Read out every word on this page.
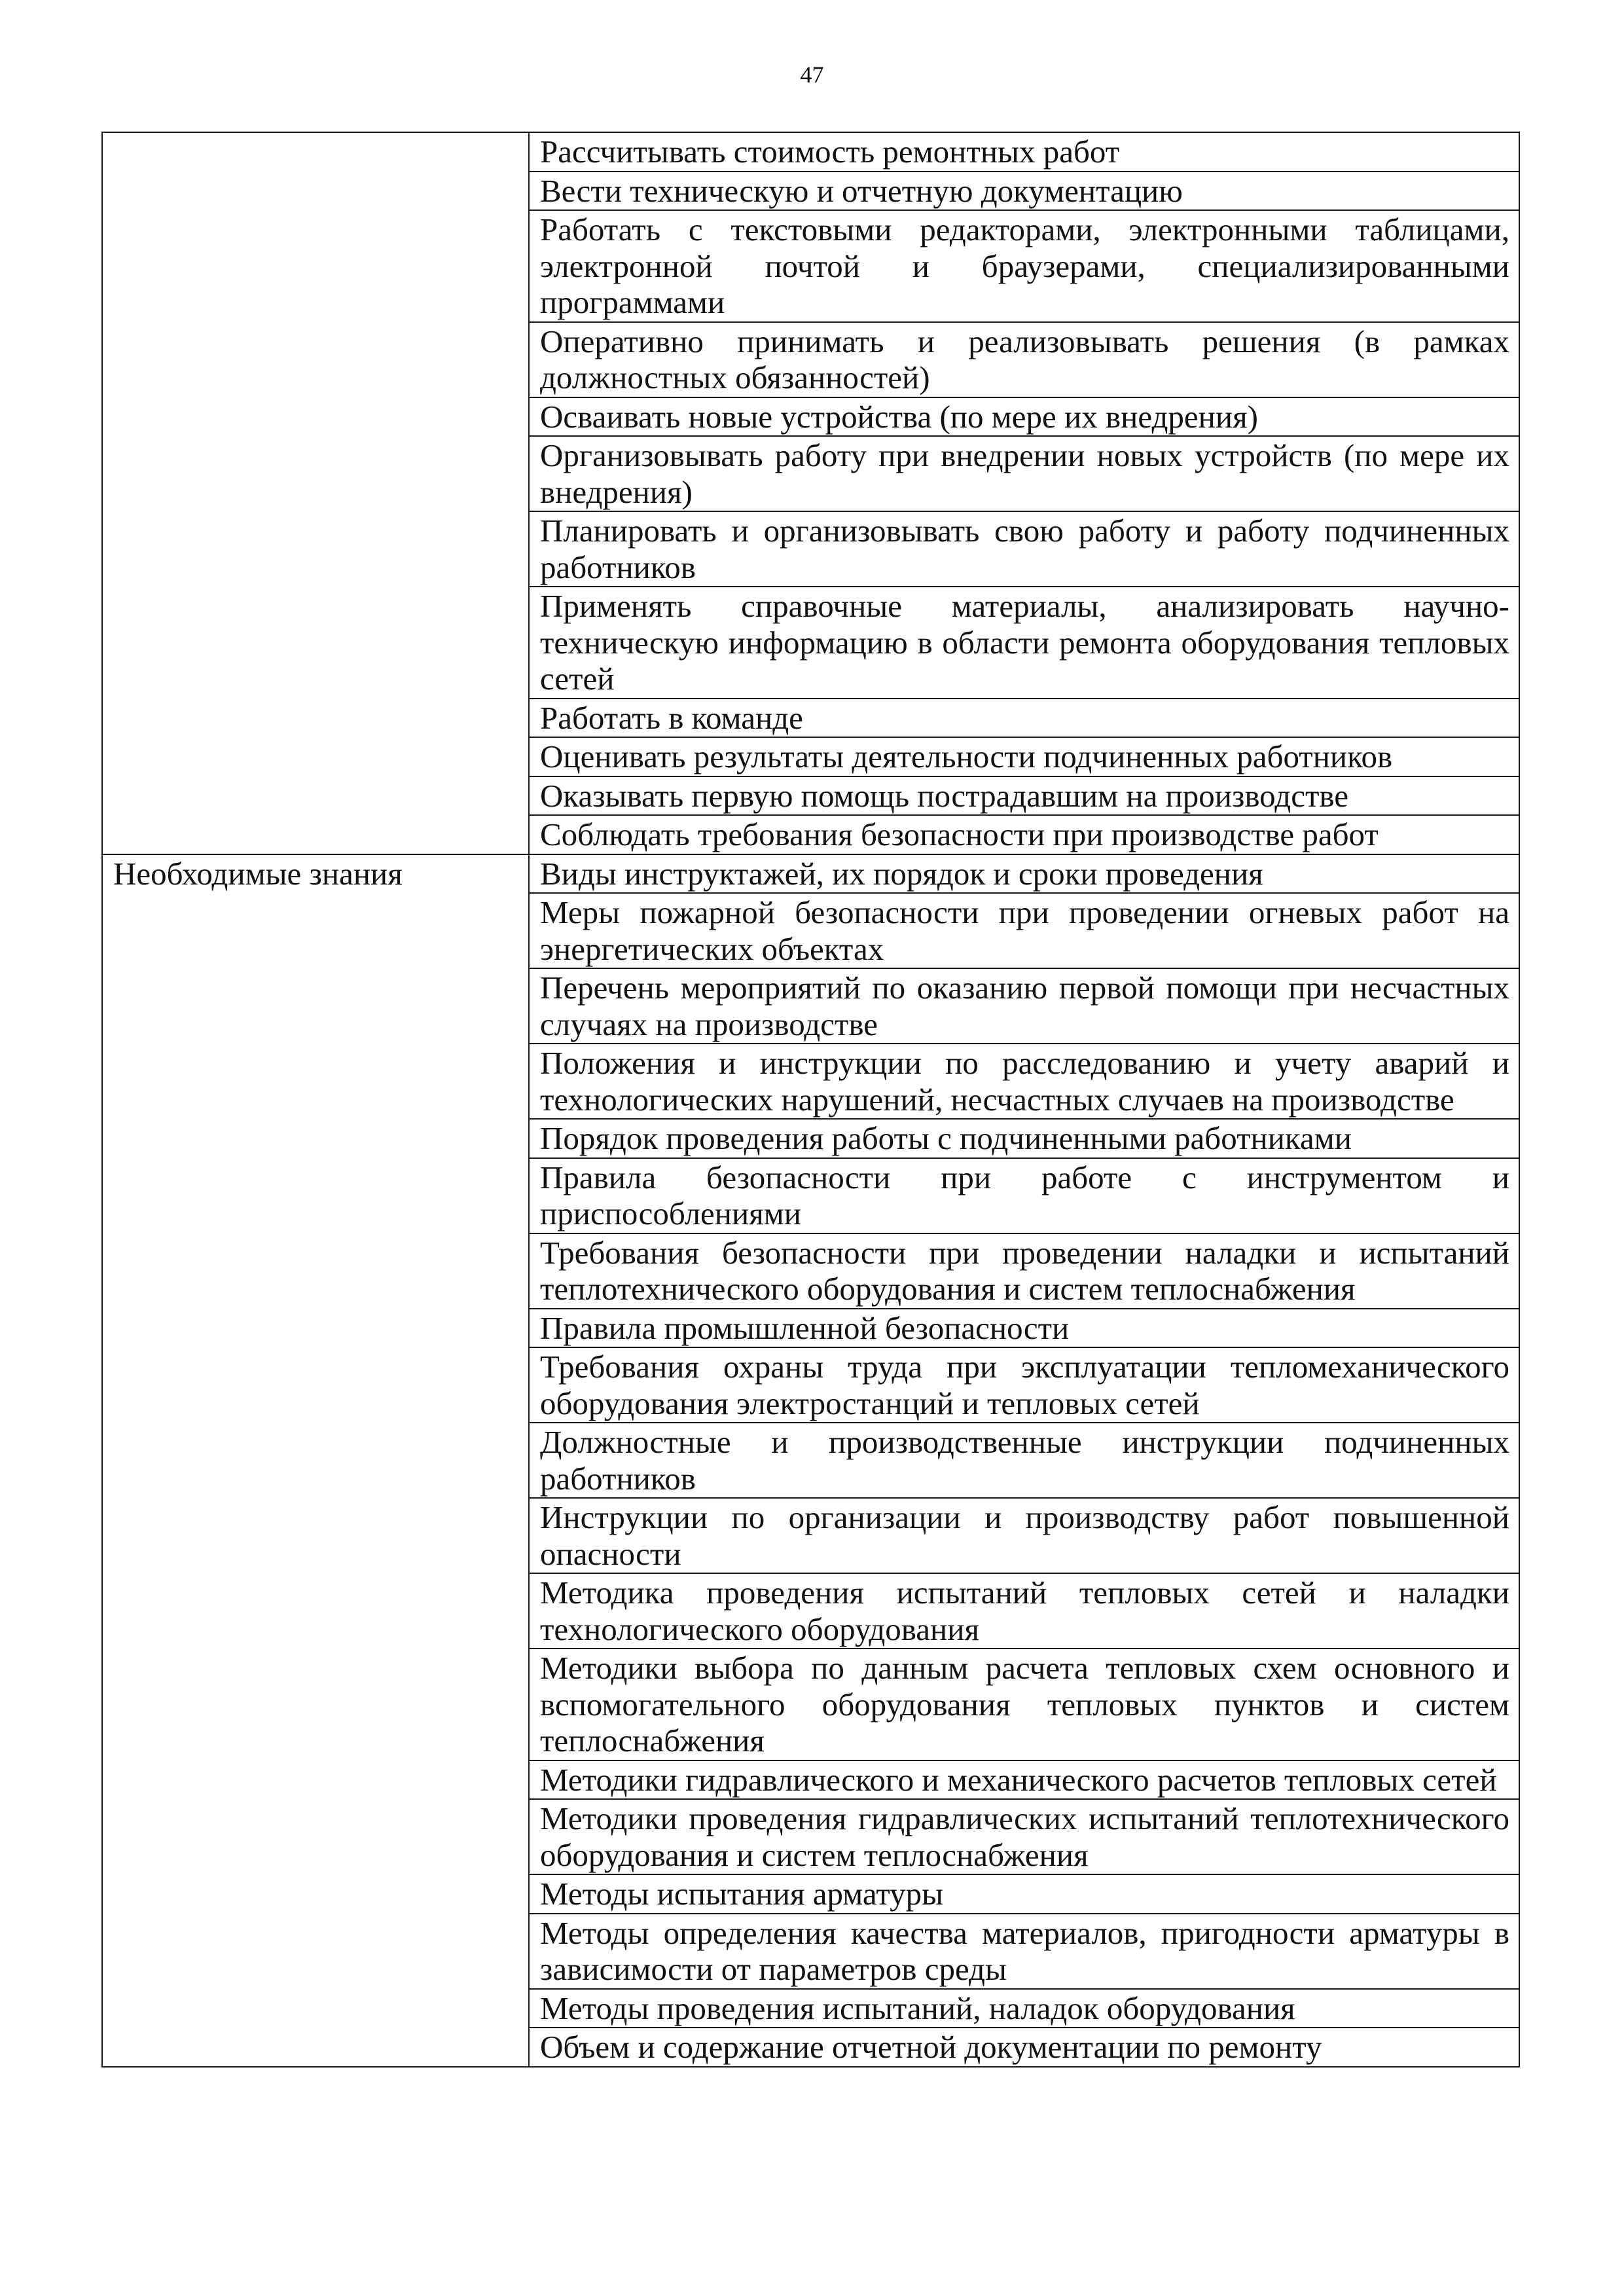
47
	Рассчитывать стоимость ремонтных работ
	Вести техническую и отчетную документацию
	Работать с текстовыми редакторами, электронными таблицами, электронной почтой и браузерами, специализированными программами
	Оперативно принимать и реализовывать решения (в рамках должностных обязанностей)
	Осваивать новые устройства (по мере их внедрения)
	Организовывать работу при внедрении новых устройств (по мере их внедрения)
	Планировать и организовывать свою работу и работу подчиненных работников
	Применять справочные материалы, анализировать научно-техническую информацию в области ремонта оборудования тепловых сетей
	Работать в команде
	Оценивать результаты деятельности подчиненных работников
	Оказывать первую помощь пострадавшим на производстве
	Соблюдать требования безопасности при производстве работ
Необходимые знания	Виды инструктажей, их порядок и сроки проведения
	Меры пожарной безопасности при проведении огневых работ на энергетических объектах
	Перечень мероприятий по оказанию первой помощи при несчастных случаях на производстве
	Положения и инструкции по расследованию и учету аварий и технологических нарушений, несчастных случаев на производстве
	Порядок проведения работы с подчиненными работниками
	Правила безопасности при работе с инструментом и приспособлениями
	Требования безопасности при проведении наладки и испытаний теплотехнического оборудования и систем теплоснабжения
	Правила промышленной безопасности
	Требования охраны труда при эксплуатации тепломеханического оборудования электростанций и тепловых сетей
	Должностные и производственные инструкции подчиненных работников
	Инструкции по организации и производству работ повышенной опасности
	Методика проведения испытаний тепловых сетей и наладки технологического оборудования
	Методики выбора по данным расчета тепловых схем основного и вспомогательного оборудования тепловых пунктов и систем теплоснабжения
	Методики гидравлического и механического расчетов тепловых сетей
	Методики проведения гидравлических испытаний теплотехнического оборудования и систем теплоснабжения
	Методы испытания арматуры
	Методы определения качества материалов, пригодности арматуры в зависимости от параметров среды
	Методы проведения испытаний, наладок оборудования
	Объем и содержание отчетной документации по ремонту
